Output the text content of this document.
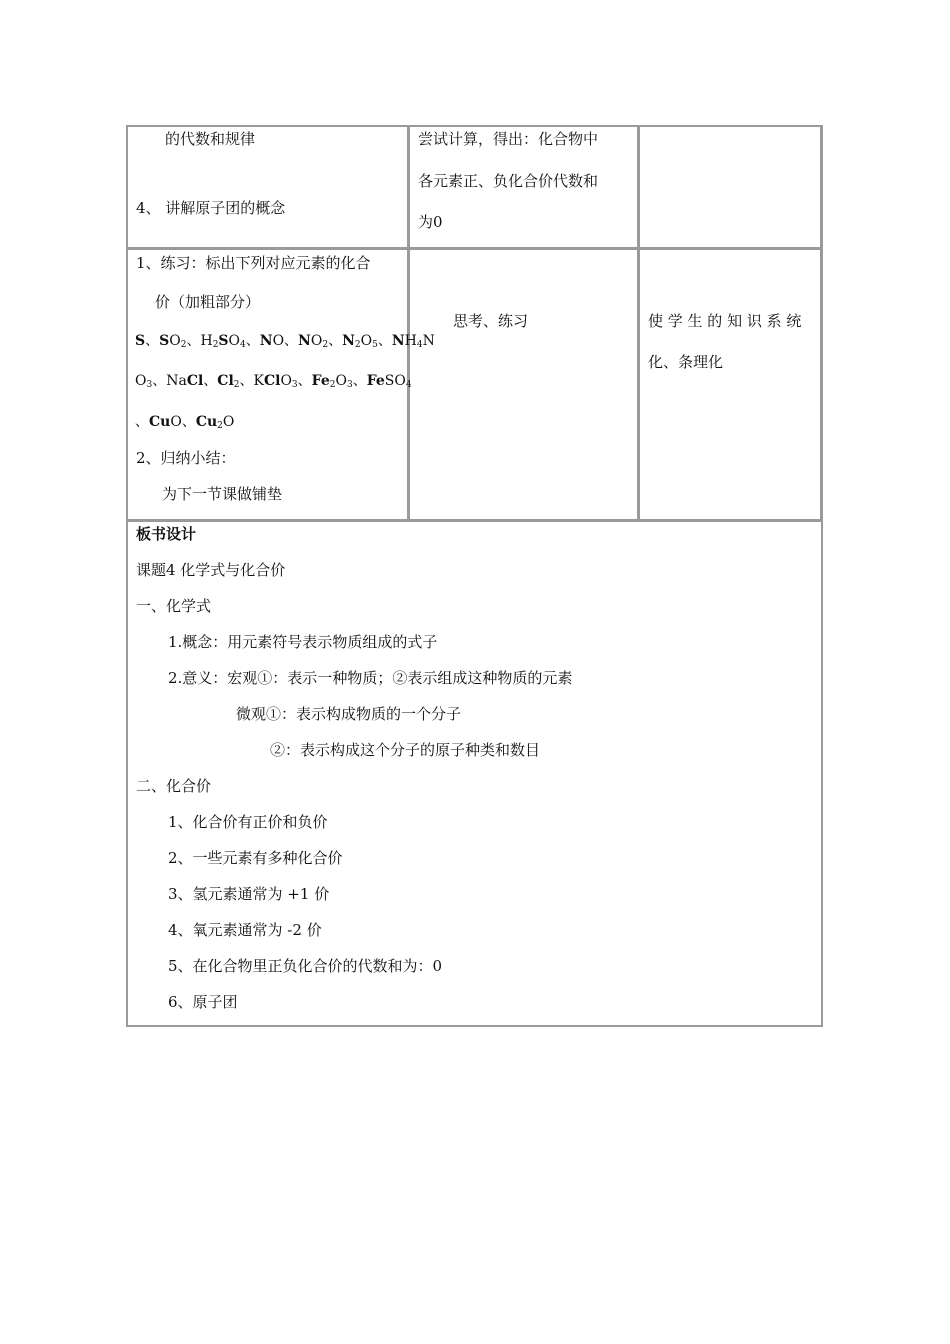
的代数和规律
4、 讲解原子团的概念
尝试计算，得出：化合物中
各元素正、负化合价代数和
为0
1、练习：标出下列对应元素的化合
价（加粗部分）
S、$SO_2$、$H_2SO_4$、NO、$NO_2$、$N_2O_5$、$NH_4N$
$O_3$、NaCl、$Cl_2$、KClO$_3$、$Fe_2O_3$、FeSO$_4$
、CuO、$Cu_2O$
2、归纳小结：
为下一节课做铺垫
思考、练习	使 学 生 的 知 识 系 统
化、条理化
板书设计
课题4 化学式与化合价
一、化学式
1.概念：用元素符号表示物质组成的式子
2.意义：宏观①：表示一种物质；②表示组成这种物质的元素
微观①：表示构成物质的一个分子
②：表示构成这个分子的原子种类和数目
二、化合价
1、化合价有正价和负价
2、一些元素有多种化合价
3、氢元素通常为 +1 价
4、氧元素通常为 -2 价
5、在化合物里正负化合价的代数和为：0
6、原子团
